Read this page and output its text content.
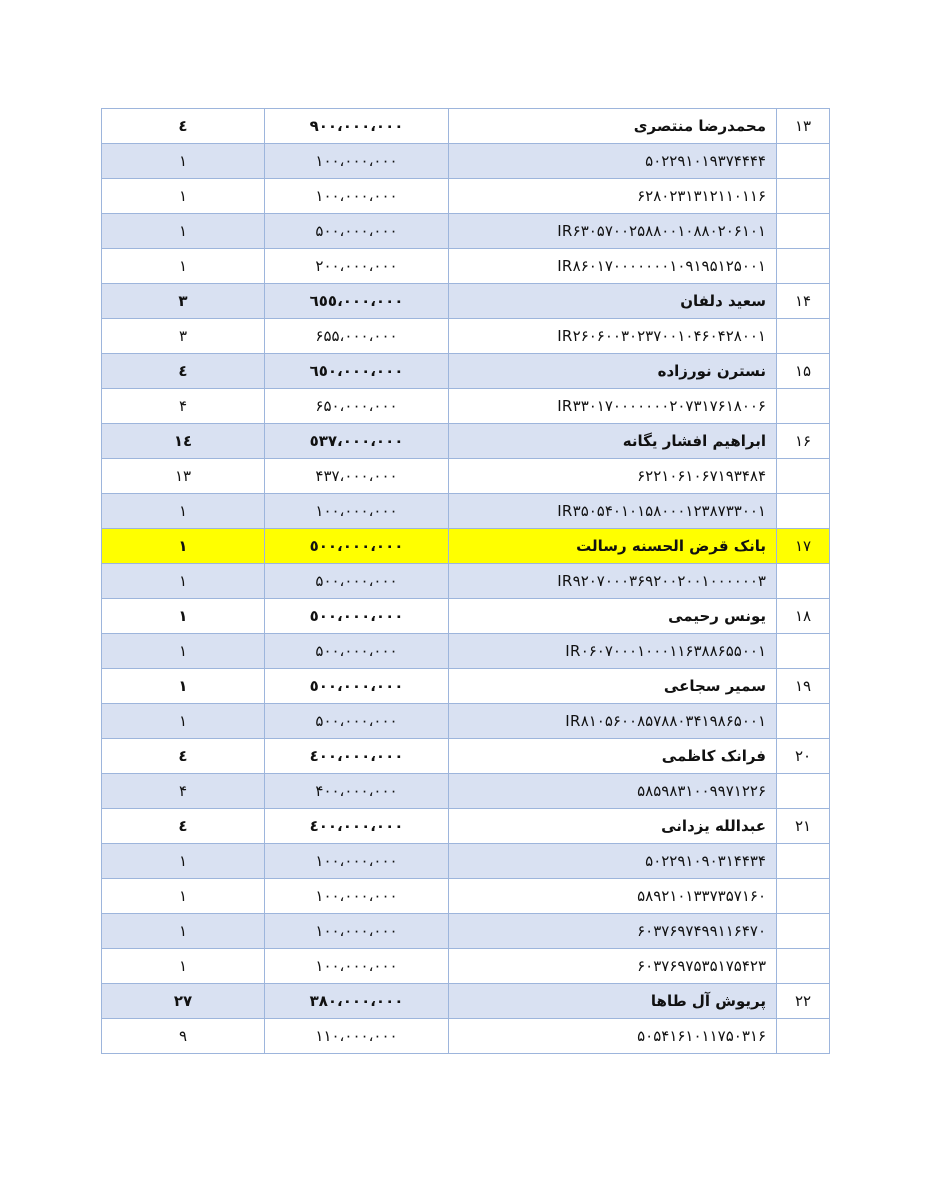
۱۳	محمدرضا منتصری	۹۰۰،۰۰۰،۰۰۰	٤
	۵۰۲۲۹۱۰۱۹۳۷۴۴۴۴	۱۰۰،۰۰۰،۰۰۰	۱
	۶۲۸۰۲۳۱۳۱۲۱۱۰۱۱۶	۱۰۰،۰۰۰،۰۰۰	۱
	IR۶۳۰۵۷۰۰۲۵۸۸۰۰۱۰۸۸۰۲۰۶۱۰۱	۵۰۰،۰۰۰،۰۰۰	۱
	IR۸۶۰۱۷۰۰۰۰۰۰۰۱۰۹۱۹۵۱۲۵۰۰۱	۲۰۰،۰۰۰،۰۰۰	۱
۱۴	سعید دلفان	٦٥٥،۰۰۰،۰۰۰	۳
	IR۲۶۰۶۰۰۳۰۲۳۷۰۰۱۰۴۶۰۴۲۸۰۰۱	۶۵۵،۰۰۰،۰۰۰	۳
۱۵	نسترن نورزاده	٦٥۰،۰۰۰،۰۰۰	٤
	IR۳۳۰۱۷۰۰۰۰۰۰۰۲۰۷۳۱۷۶۱۸۰۰۶	۶۵۰،۰۰۰،۰۰۰	۴
۱۶	ابراهیم افشار یگانه	٥۳۷،۰۰۰،۰۰۰	١٤
	۶۲۲۱۰۶۱۰۶۷۱۹۳۴۸۴	۴۳۷،۰۰۰،۰۰۰	۱۳
	IR۳۵۰۵۴۰۱۰۱۵۸۰۰۰۱۲۳۸۷۳۳۰۰۱	۱۰۰،۰۰۰،۰۰۰	۱
۱۷	بانک قرض الحسنه رسالت	٥۰۰،۰۰۰،۰۰۰	١
	IR۹۲۰۷۰۰۰۳۶۹۲۰۰۲۰۰۱۰۰۰۰۰۰۳	۵۰۰،۰۰۰،۰۰۰	۱
۱۸	یونس رحیمی	٥۰۰،۰۰۰،۰۰۰	١
	IR۰۶۰۷۰۰۰۱۰۰۰۱۱۶۳۸۸۶۵۵۰۰۱	۵۰۰،۰۰۰،۰۰۰	۱
۱۹	سمیر سجاعی	٥۰۰،۰۰۰،۰۰۰	١
	IR۸۱۰۵۶۰۰۸۵۷۸۸۰۳۴۱۹۸۶۵۰۰۱	۵۰۰،۰۰۰،۰۰۰	۱
۲۰	فرانک کاظمی	٤۰۰،۰۰۰،۰۰۰	٤
	۵۸۵۹۸۳۱۰۰۹۹۷۱۲۲۶	۴۰۰،۰۰۰،۰۰۰	۴
۲۱	عبدالله یزدانی	٤۰۰،۰۰۰،۰۰۰	٤
	۵۰۲۲۹۱۰۹۰۳۱۴۴۳۴	۱۰۰،۰۰۰،۰۰۰	۱
	۵۸۹۲۱۰۱۳۳۷۳۵۷۱۶۰	۱۰۰،۰۰۰،۰۰۰	۱
	۶۰۳۷۶۹۷۴۹۹۱۱۶۴۷۰	۱۰۰،۰۰۰،۰۰۰	۱
	۶۰۳۷۶۹۷۵۳۵۱۷۵۴۲۳	۱۰۰،۰۰۰،۰۰۰	۱
۲۲	پریوش آل طاها	۳۸۰،۰۰۰،۰۰۰	۲۷
	۵۰۵۴۱۶۱۰۱۱۷۵۰۳۱۶	۱۱۰،۰۰۰،۰۰۰	۹
